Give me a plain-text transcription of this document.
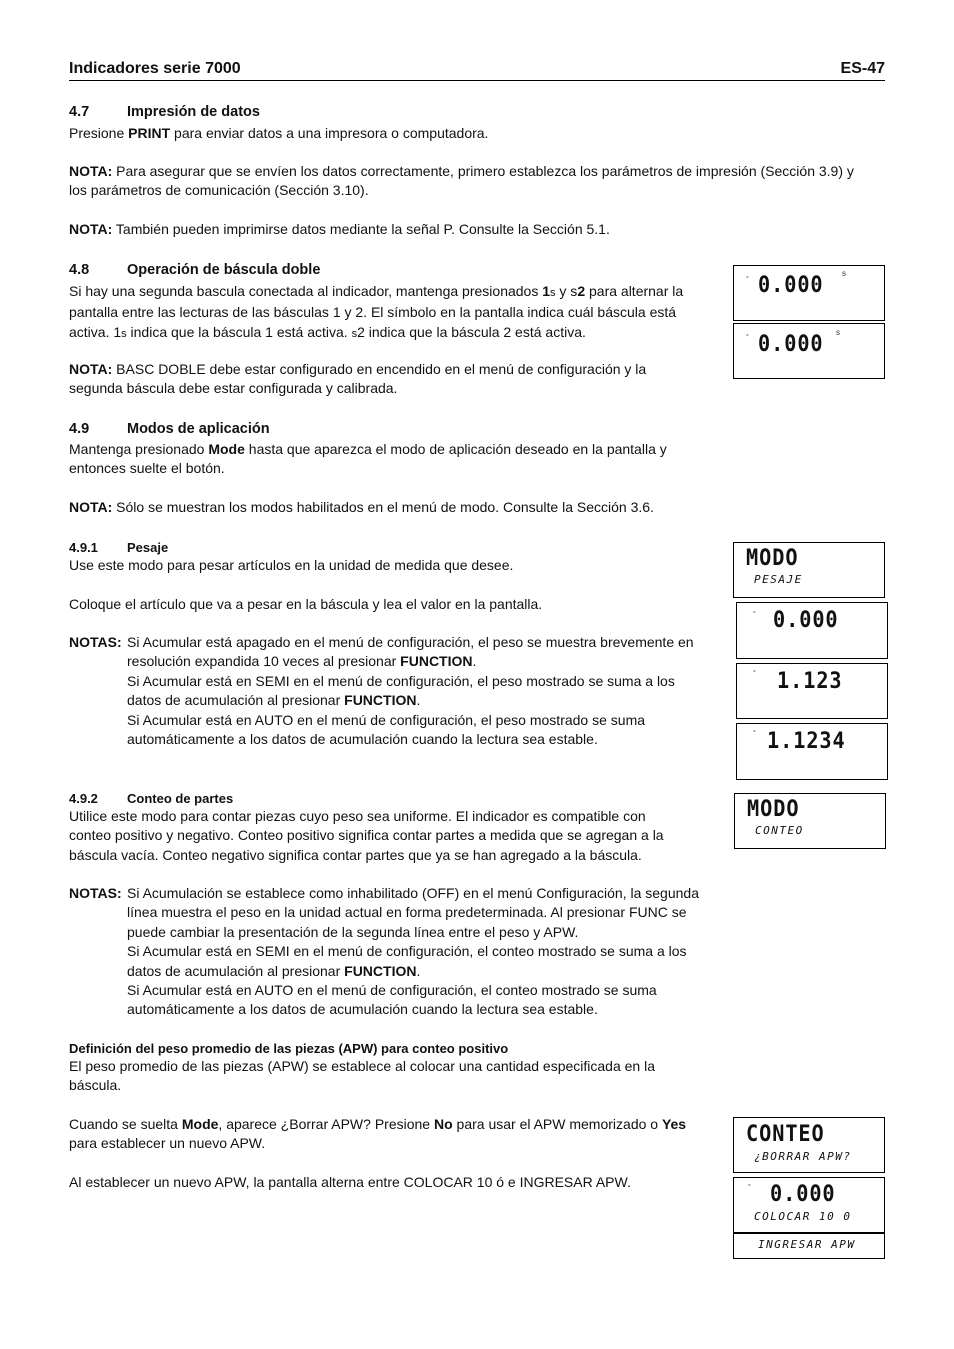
Indicadores serie 7000	ES-47
4.7	Impresión de datos
Presione PRINT para enviar datos a una impresora o computadora.
NOTA: Para asegurar que se envíen los datos correctamente, primero establezca los parámetros de impresión (Sección 3.9) y los parámetros de comunicación (Sección 3.10).
NOTA: También pueden imprimirse datos mediante la señal P. Consulte la Sección 5.1.
4.8	Operación de báscula doble
Si hay una segunda bascula conectada al indicador, mantenga presionados 1s y s2 para alternar la pantalla entre las lecturas de las básculas 1 y 2. El símbolo en la pantalla indica cuál báscula está activa. 1s indica que la báscula 1 está activa. s2 indica que la báscula 2 está activa.
NOTA: BASC DOBLE debe estar configurado en encendido en el menú de configuración y la segunda báscula debe estar configurada y calibrada.
4.9	Modos de aplicación
Mantenga presionado Mode hasta que aparezca el modo de aplicación deseado en la pantalla y entonces suelte el botón.
NOTA: Sólo se muestran los modos habilitados en el menú de modo. Consulte la Sección 3.6.
4.9.1 Pesaje
Use este modo para pesar artículos en la unidad de medida que desee.
Coloque el artículo que va a pesar en la báscula y lea el valor en la pantalla.
NOTAS: Si Acumular está apagado en el menú de configuración, el peso se muestra brevemente en resolución expandida 10 veces al presionar FUNCTION.
Si Acumular está en SEMI en el menú de configuración, el peso mostrado se suma a los datos de acumulación al presionar FUNCTION.
Si Acumular está en AUTO en el menú de configuración, el peso mostrado se suma automáticamente a los datos de acumulación cuando la lectura sea estable.
4.9.2 Conteo de partes
Utilice este modo para contar piezas cuyo peso sea uniforme. El indicador es compatible con conteo positivo y negativo. Conteo positivo significa contar partes a medida que se agregan a la báscula vacía. Conteo negativo significa contar partes que ya se han agregado a la báscula.
NOTAS: Si Acumulación se establece como inhabilitado (OFF) en el menú Configuración, la segunda línea muestra el peso en la unidad actual en forma predeterminada. Al presionar FUNC se puede cambiar la presentación de la segunda línea entre el peso y APW.
Si Acumular está en SEMI en el menú de configuración, el conteo mostrado se suma a los datos de acumulación al presionar FUNCTION.
Si Acumular está en AUTO en el menú de configuración, el conteo mostrado se suma automáticamente a los datos de acumulación cuando la lectura sea estable.
Definición del peso promedio de las piezas (APW) para conteo positivo
El peso promedio de las piezas (APW) se establece al colocar una cantidad especificada en la báscula.
Cuando se suelta Mode, aparece ¿Borrar APW? Presione No para usar el APW memorizado o Yes para establecer un nuevo APW.
Al establecer un nuevo APW, la pantalla alterna entre COLOCAR 10 ó e INGRESAR APW.
° 0.000 s
° 0.000 s
MODO
PESAJE
° 0.000
° 1.123
° 1.1234
MODO
CONTEO
CONTEO
¿BORRAR APW?
° 0.000
COLOCAR 10 0
INGRESAR APW
